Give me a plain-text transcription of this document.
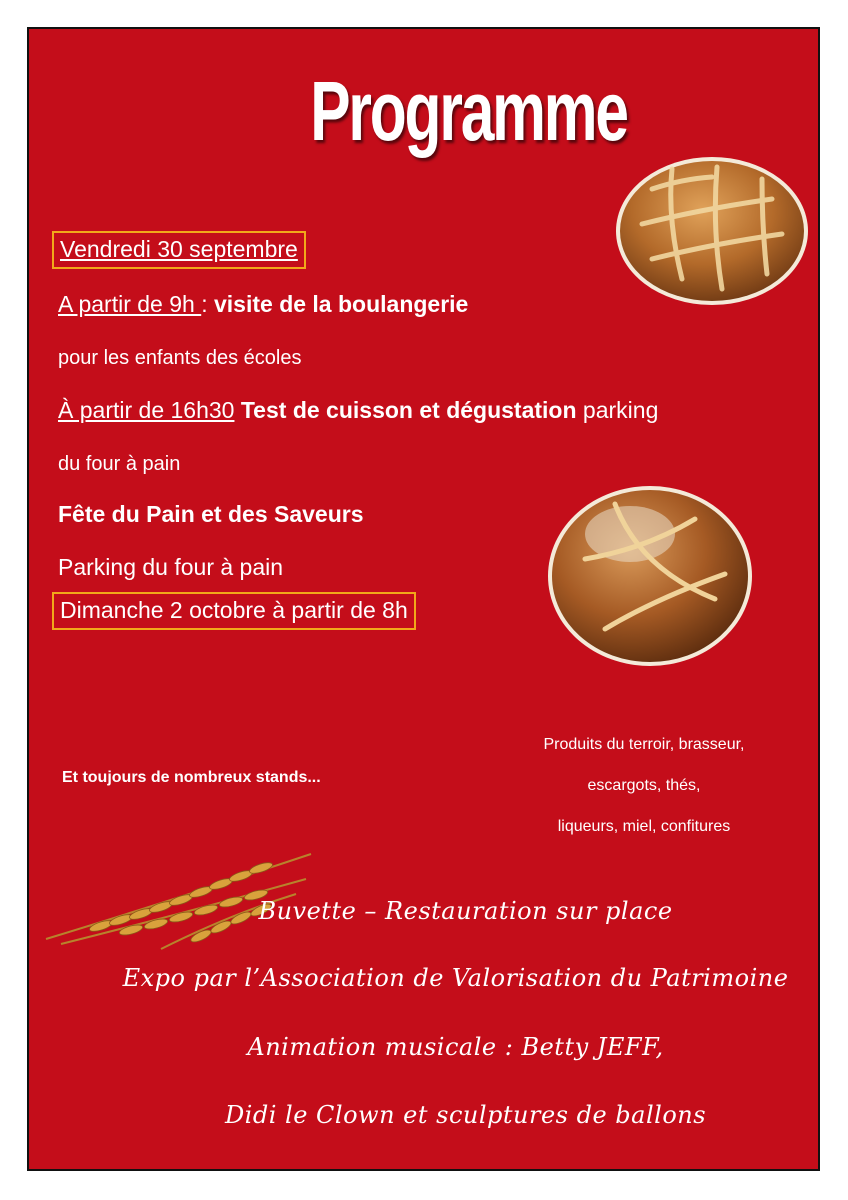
Programme
Vendredi 30 septembre
A partir de 9h : visite de la boulangerie
pour les enfants des écoles
À partir de 16h30 Test de cuisson et dégustation parking
du four à pain
Fête du Pain et des Saveurs
Parking du four à pain
Dimanche 2 octobre à partir de 8h
Et toujours de nombreux stands...
Produits du terroir, brasseur,
escargots, thés,
liqueurs, miel, confitures
Buvette – Restauration sur place
Expo par l’Association de Valorisation du Patrimoine
Animation musicale : Betty JEFF,
Didi le Clown et sculptures de ballons
